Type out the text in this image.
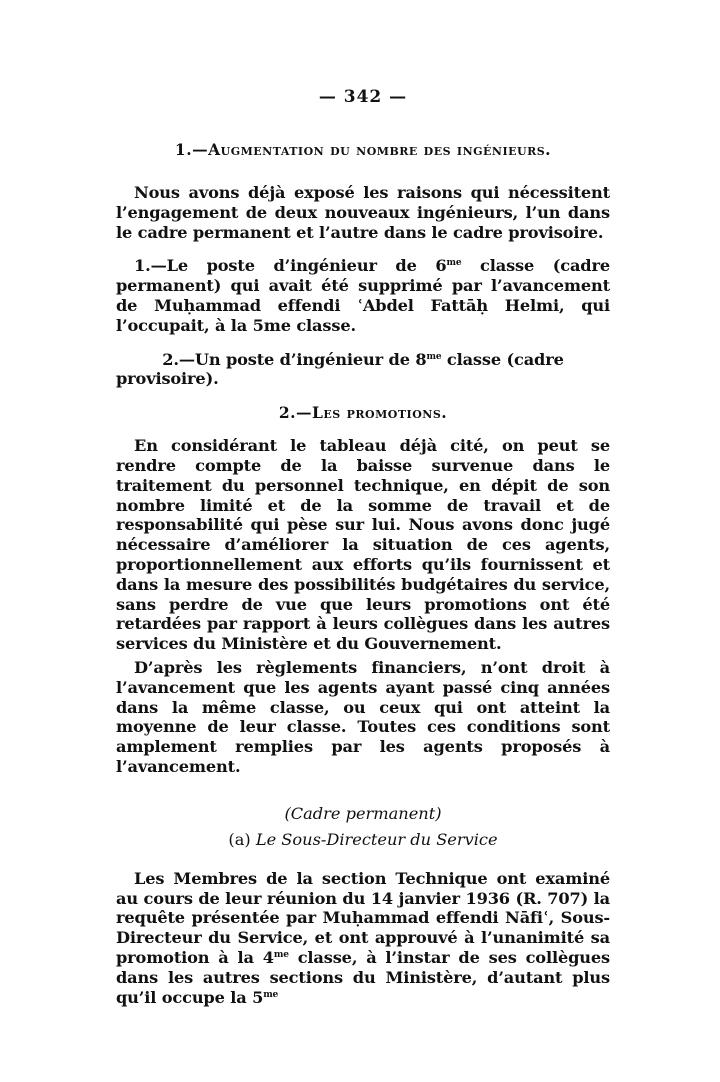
— 342 —
1.—Augmentation du nombre des ingénieurs.

Nous avons déjà exposé les raisons qui nécessitent l’engagement de deux nouveaux ingénieurs, l’un dans le cadre permanent et l’autre dans le cadre provisoire.

1.—Le poste d’ingénieur de $6^{me}$ classe (cadre permanent) qui avait été supprimé par l’avancement de Muḥammad effendi ʿAbdel Fattāḥ Helmi, qui l’occupait, à la 5me classe.

2.—Un poste d’ingénieur de $8^{me}$ classe (cadre provisoire).

2.—Les promotions.

En considérant le tableau déjà cité, on peut se rendre compte de la baisse survenue dans le traitement du personnel technique, en dépit de son nombre limité et de la somme de travail et de responsabilité qui pèse sur lui. Nous avons donc jugé nécessaire d’améliorer la situation de ces agents, proportionnellement aux efforts qu’ils fournissent et dans la mesure des possibilités budgétaires du service, sans perdre de vue que leurs promotions ont été retardées par rapport à leurs collègues dans les autres services du Ministère et du Gouvernement.

D’après les règlements financiers, n’ont droit à l’avancement que les agents ayant passé cinq années dans la même classe, ou ceux qui ont atteint la moyenne de leur classe. Toutes ces conditions sont amplement remplies par les agents proposés à l’avancement.

(Cadre permanent)
(a) Le Sous-Directeur du Service

Les Membres de la section Technique ont examiné au cours de leur réunion du 14 janvier 1936 (R. 707) la requête présentée par Muḥammad effendi Nāfiʿ, Sous-Directeur du Service, et ont approuvé à l’unanimité sa promotion à la $4^{me}$ classe, à l’instar de ses collègues dans les autres sections du Ministère, d’autant plus qu’il occupe la $5^{me}$
